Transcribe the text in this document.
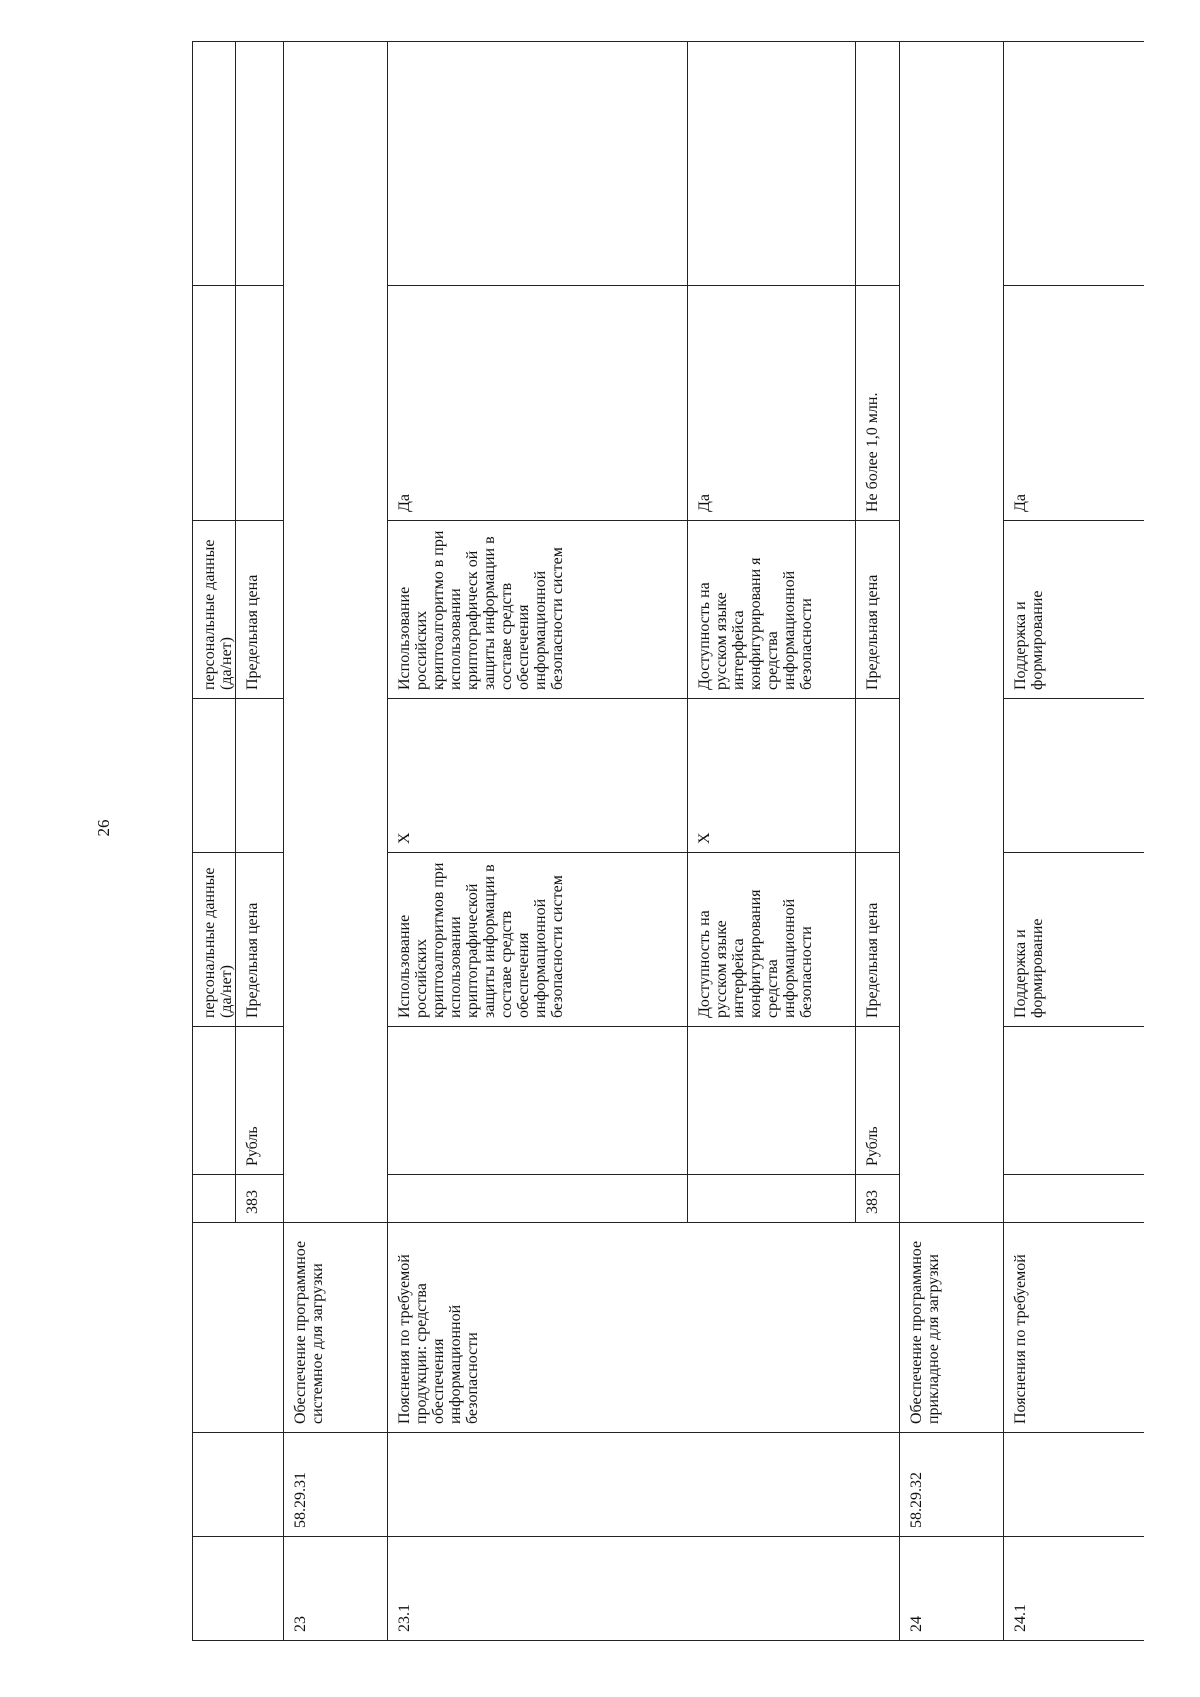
26
					персональные данные (да/нет)		персональные данные (да/нет)		
			383	Рубль	Предельная цена		Предельная цена		
23	58.29.31	Обеспечение программное системное для загрузки							
23.1		Пояснения по требуемой продукции: средства обеспечения информационной безопасности			Использование российских криптоалгоритмов при использовании криптографической защиты информации в составе средств обеспечения информационной безопасности систем	Х	Использование российских криптоалгоритмо в при использовании криптографическ ой защиты информации в составе средств обеспечения информационной безопасности систем	Да	
					Доступность на русском языке интерфейса конфигурирования средства информационной безопасности	Х	Доступность на русском языке интерфейса конфигурировани я средства информационной безопасности	Да	
			383	Рубль	Предельная цена		Предельная цена	Не более 1,0 млн.	
24	58.29.32	Обеспечение программное прикладное для загрузки							
24.1		Пояснения по требуемой			Поддержка и формирование		Поддержка и формирование	Да	
